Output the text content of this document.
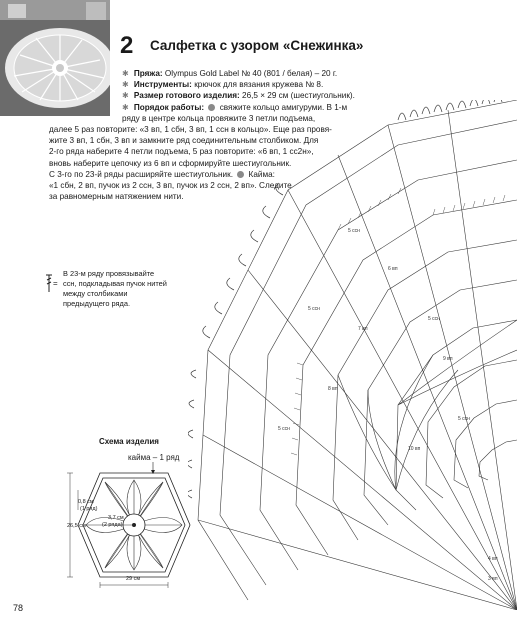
2 Салфетка с узором «Снежинка»
✱ Пряжа: Olympus Gold Label № 40 (801 / белая) – 20 г.
✱ Инструменты: крючок для вязания кружева № 8.
✱ Размер готового изделия: 26,5 × 29 см (шестиугольник).
✱ Порядок работы: свяжите кольцо амигуруми. В 1-м
ряду в центре кольца провяжите 3 петли подъема,
далее 5 раз повторите: «3 вп, 1 сбн, 3 вп, 1 ссн в кольцо». Еще раз провя-
жите 3 вп, 1 сбн, 3 вп и замкните ряд соединительным столбиком. Для
2-го ряда наберите 4 петли подъема, 5 раз повторите: «6 вп, 1 сс2н»,
вновь наберите цепочку из 6 вп и сформируйте шестиугольник.
С 3-го по 23-й ряды расширяйте шестиугольник. Кайма:
«1 сбн, 2 вп, пучок из 2 ссн, 3 вп, пучок из 2 ссн, 2 вп». Следите
за равномерным натяжением нити.
5 ссн
5 ссн
5 ссн
5 ссн
5 ссн
6 вп
7 вп
8 вп
9 вп
10 вп
4 вп
3 вп
=
В 23-м ряду провязывайте ссн, подкладывая пучок нитей между столбиками предыдущего ряда.
Схема изделия
кайма – 1 ряд
0,8 см
(1 ряд)
3,7 см
(2 ряда)
26,5 см
29 см
78
